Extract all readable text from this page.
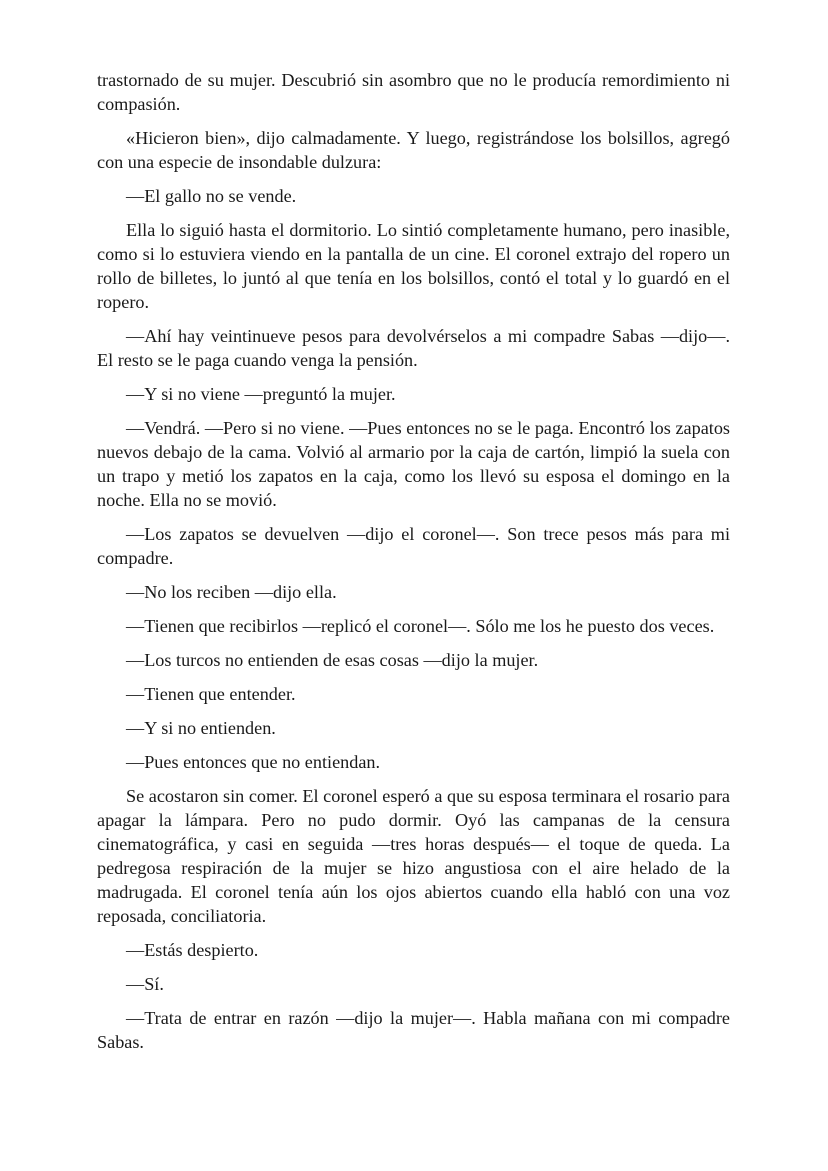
trastornado de su mujer. Descubrió sin asombro que no le producía remordimiento ni compasión.

«Hicieron bien», dijo calmadamente. Y luego, registrándose los bolsillos, agregó con una especie de insondable dulzura:

—El gallo no se vende.

Ella lo siguió hasta el dormitorio. Lo sintió completamente humano, pero inasible, como si lo estuviera viendo en la pantalla de un cine. El coronel extrajo del ropero un rollo de billetes, lo juntó al que tenía en los bolsillos, contó el total y lo guardó en el ropero.

—Ahí hay veintinueve pesos para devolvérselos a mi compadre Sabas —dijo—. El resto se le paga cuando venga la pensión.

—Y si no viene —preguntó la mujer.

—Vendrá. —Pero si no viene. —Pues entonces no se le paga. Encontró los zapatos nuevos debajo de la cama. Volvió al armario por la caja de cartón, limpió la suela con un trapo y metió los zapatos en la caja, como los llevó su esposa el domingo en la noche. Ella no se movió.

—Los zapatos se devuelven —dijo el coronel—. Son trece pesos más para mi compadre.

—No los reciben —dijo ella.

—Tienen que recibirlos —replicó el coronel—. Sólo me los he puesto dos veces.

—Los turcos no entienden de esas cosas —dijo la mujer.

—Tienen que entender.

—Y si no entienden.

—Pues entonces que no entiendan.

Se acostaron sin comer. El coronel esperó a que su esposa terminara el rosario para apagar la lámpara. Pero no pudo dormir. Oyó las campanas de la censura cinematográfica, y casi en seguida —tres horas después— el toque de queda. La pedregosa respiración de la mujer se hizo angustiosa con el aire helado de la madrugada. El coronel tenía aún los ojos abiertos cuando ella habló con una voz reposada, conciliatoria.

—Estás despierto.

—Sí.

—Trata de entrar en razón —dijo la mujer—. Habla mañana con mi compadre Sabas.
